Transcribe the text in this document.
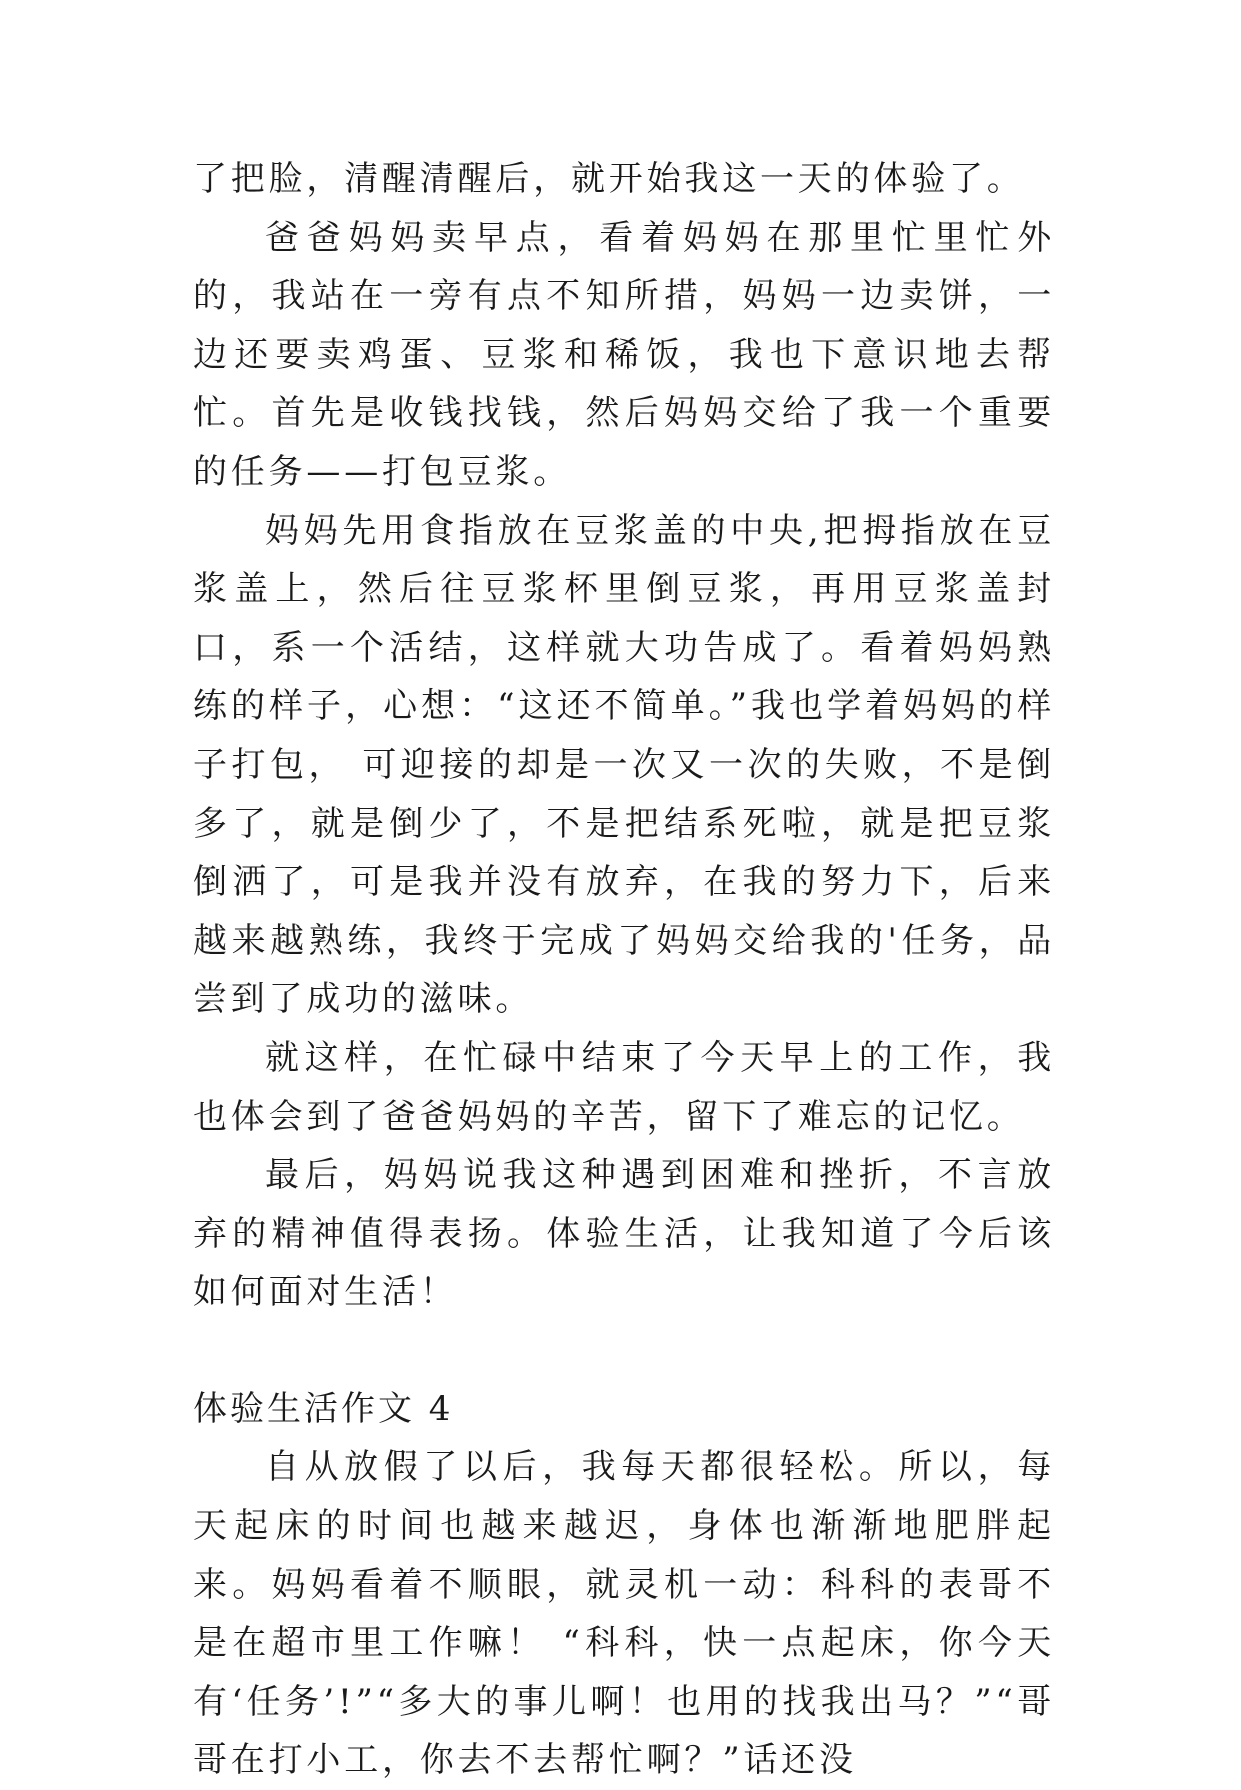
了把脸，清醒清醒后，就开始我这一天的体验了。

爸爸妈妈卖早点，看着妈妈在那里忙里忙外的，我站在一旁有点不知所措，妈妈一边卖饼，一边还要卖鸡蛋、豆浆和稀饭，我也下意识地去帮忙。首先是收钱找钱，然后妈妈交给了我一个重要的任务——打包豆浆。

妈妈先用食指放在豆浆盖的中央,把拇指放在豆浆盖上，然后往豆浆杯里倒豆浆，再用豆浆盖封口，系一个活结，这样就大功告成了。看着妈妈熟练的样子，心想：“这还不简单。”我也学着妈妈的样子打包， 可迎接的却是一次又一次的失败，不是倒多了，就是倒少了，不是把结系死啦，就是把豆浆倒洒了，可是我并没有放弃，在我的努力下，后来越来越熟练，我终于完成了妈妈交给我的'任务，品尝到了成功的滋味。

就这样，在忙碌中结束了今天早上的工作，我也体会到了爸爸妈妈的辛苦，留下了难忘的记忆。

最后，妈妈说我这种遇到困难和挫折，不言放弃的精神值得表扬。体验生活，让我知道了今后该如何面对生活！

体验生活作文 4

自从放假了以后，我每天都很轻松。所以，每天起床的时间也越来越迟，身体也渐渐地肥胖起来。妈妈看着不顺眼，就灵机一动：科科的表哥不是在超市里工作嘛！ “科科，快一点起床，你今天有‘任务’!”“多大的事儿啊！也用的找我出马？”“哥哥在打小工，你去不去帮忙啊？”话还没
